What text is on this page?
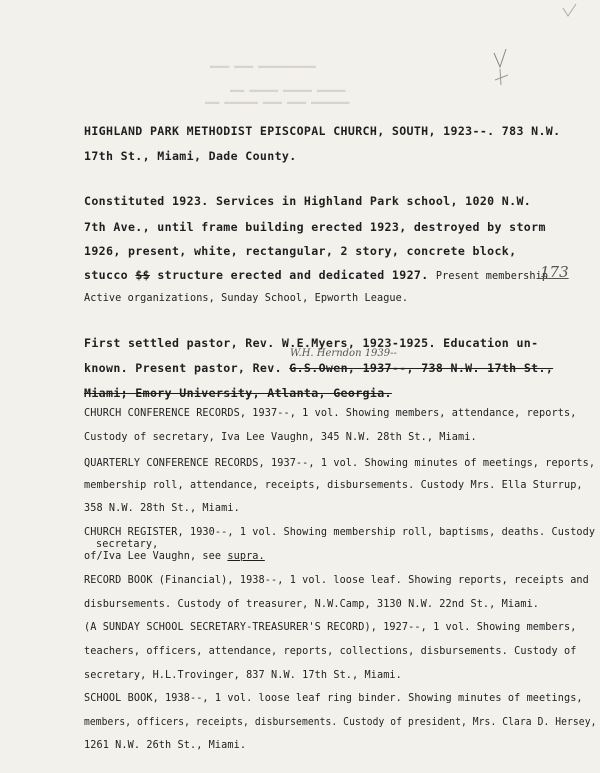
▬▬▬▬ ▬▬▬▬ ▬▬▬▬▬▬▬▬▬▬▬▬
▬▬▬ ▬▬▬▬▬▬ ▬▬▬▬▬▬ ▬▬▬▬▬▬
▬▬▬ ▬▬▬▬▬▬▬ ▬▬▬▬ ▬▬▬▬ ▬▬▬▬▬▬▬▬
HIGHLAND PARK METHODIST EPISCOPAL CHURCH, SOUTH, 1923--. 783 N.W.
17th St., Miami, Dade County.
Constituted 1923. Services in Highland Park school, 1020 N.W.
7th Ave., until frame building erected 1923, destroyed by storm
1926, present, white, rectangular, 2 story, concrete block,
stucco $$ structure erected and dedicated 1927. Present membership
173
Active organizations, Sunday School, Epworth League.
First settled pastor, Rev. W.E.Myers, 1923-1925. Education un-
W.H. Herndon 1939--
known. Present pastor, Rev. G.S.Owen, 1937--, 738 N.W. 17th St.,
Miami; Emory University, Atlanta, Georgia.
CHURCH CONFERENCE RECORDS, 1937--, 1 vol. Showing members, attendance, reports,
Custody of secretary, Iva Lee Vaughn, 345 N.W. 28th St., Miami.
QUARTERLY CONFERENCE RECORDS, 1937--, 1 vol. Showing minutes of meetings, reports,
membership roll, attendance, receipts, disbursements. Custody Mrs. Ella Sturrup,
358 N.W. 28th St., Miami.
CHURCH REGISTER, 1930--, 1 vol. Showing membership roll, baptisms, deaths. Custody
secretary,
of/Iva Lee Vaughn, see supra.
RECORD BOOK (Financial), 1938--, 1 vol. loose leaf. Showing reports, receipts and
disbursements. Custody of treasurer, N.W.Camp, 3130 N.W. 22nd St., Miami.
(A SUNDAY SCHOOL SECRETARY-TREASURER'S RECORD), 1927--, 1 vol. Showing members,
teachers, officers, attendance, reports, collections, disbursements. Custody of
secretary, H.L.Trovinger, 837 N.W. 17th St., Miami.
SCHOOL BOOK, 1938--, 1 vol. loose leaf ring binder. Showing minutes of meetings,
members, officers, receipts, disbursements. Custody of president, Mrs. Clara D. Hersey,
1261 N.W. 26th St., Miami.
